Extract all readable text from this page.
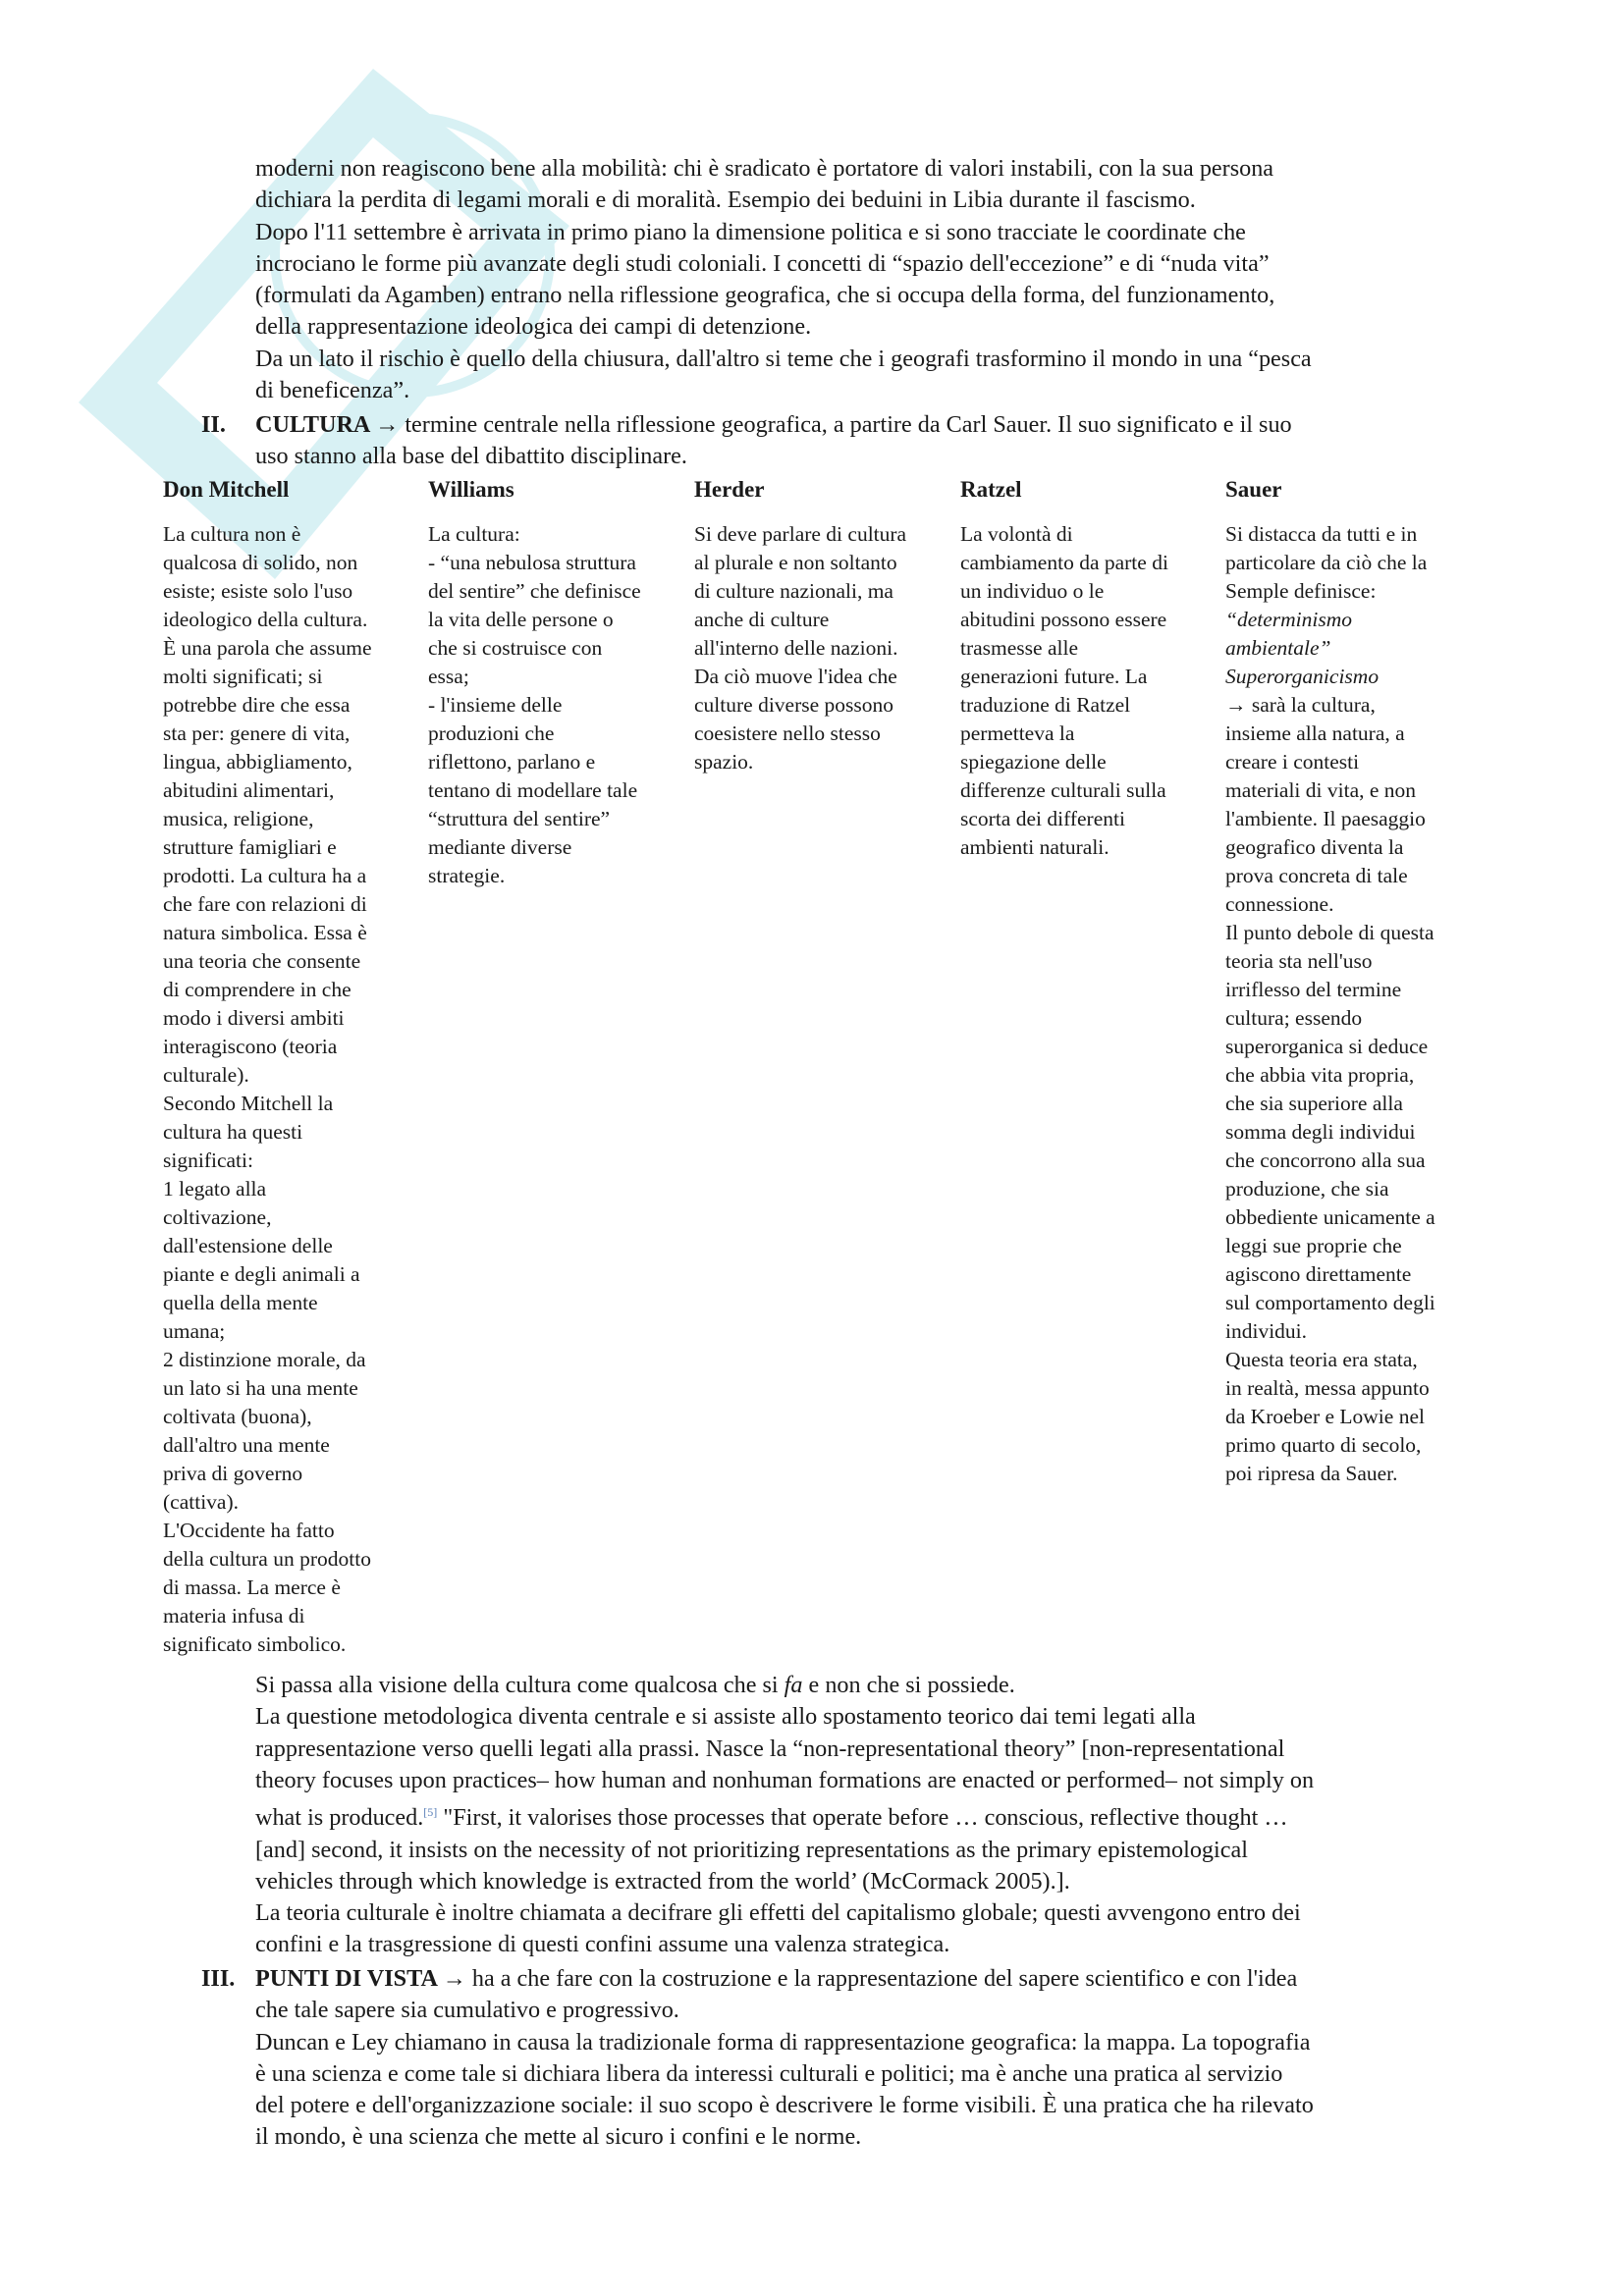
moderni non reagiscono bene alla mobilità: chi è sradicato è portatore di valori instabili, con la sua persona

dichiara la perdita di legami morali e di moralità. Esempio dei beduini in Libia durante il fascismo.

Dopo l'11 settembre è arrivata in primo piano la dimensione politica e si sono tracciate le coordinate che

incrociano le forme più avanzate degli studi coloniali. I concetti di “spazio dell'eccezione” e di “nuda vita”

(formulati da Agamben) entrano nella riflessione geografica, che si occupa della forma, del funzionamento,

della rappresentazione ideologica dei campi di detenzione.

Da un lato il rischio è quello della chiusura, dall'altro si teme che i geografi trasformino il mondo in una “pesca

di beneficenza”.

II. CULTURA → termine centrale nella riflessione geografica, a partire da Carl Sauer. Il suo significato e il suo
uso stanno alla base del dibattito disciplinare.
Don Mitchell

La cultura non è

qualcosa di solido, non

esiste; esiste solo l'uso

ideologico della cultura.

È una parola che assume

molti significati; si

potrebbe dire che essa

sta per: genere di vita,

lingua, abbigliamento,

abitudini alimentari,

musica, religione,

strutture famigliari e

prodotti. La cultura ha a

che fare con relazioni di

natura simbolica. Essa è

una teoria che consente

di comprendere in che

modo i diversi ambiti

interagiscono (teoria

culturale).

Secondo Mitchell la

cultura ha questi

significati:

1 legato alla

coltivazione,

dall'estensione delle

piante e degli animali a

quella della mente

umana;

2 distinzione morale, da

un lato si ha una mente

coltivata (buona),

dall'altro una mente

priva di governo

(cattiva).

L'Occidente ha fatto

della cultura un prodotto

di massa. La merce è

materia infusa di

significato simbolico.

Williams

La cultura:

- “una nebulosa struttura

del sentire” che definisce

la vita delle persone o

che si costruisce con

essa;

- l'insieme delle

produzioni che

riflettono, parlano e

tentano di modellare tale

“struttura del sentire”

mediante diverse

strategie.

Herder

Si deve parlare di cultura

al plurale e non soltanto

di culture nazionali, ma

anche di culture

all'interno delle nazioni.

Da ciò muove l'idea che

culture diverse possono

coesistere nello stesso

spazio.

Ratzel

La volontà di

cambiamento da parte di

un individuo o le

abitudini possono essere

trasmesse alle

generazioni future. La

traduzione di Ratzel

permetteva la

spiegazione delle

differenze culturali sulla

scorta dei differenti

ambienti naturali.

Sauer

Si distacca da tutti e in

particolare da ciò che la

Semple definisce:

“determinismo

ambientale”

Superorganicismo

→ sarà la cultura,

insieme alla natura, a

creare i contesti

materiali di vita, e non

l'ambiente. Il paesaggio

geografico diventa la

prova concreta di tale

connessione.

Il punto debole di questa

teoria sta nell'uso

irriflesso del termine

cultura; essendo

superorganica si deduce

che abbia vita propria,

che sia superiore alla

somma degli individui

che concorrono alla sua

produzione, che sia

obbediente unicamente a

leggi sue proprie che

agiscono direttamente

sul comportamento degli

individui.

Questa teoria era stata,

in realtà, messa appunto

da Kroeber e Lowie nel

primo quarto di secolo,

poi ripresa da Sauer.

Si passa alla visione della cultura come qualcosa che si fa e non che si possiede.

La questione metodologica diventa centrale e si assiste allo spostamento teorico dai temi legati alla

rappresentazione verso quelli legati alla prassi. Nasce la “non-representational theory” [non-representational

theory focuses upon practices– how human and nonhuman formations are enacted or performed– not simply on

what is produced.[5] "First, it valorises those processes that operate before … conscious, reflective thought …

[and] second, it insists on the necessity of not prioritizing representations as the primary epistemological

vehicles through which knowledge is extracted from the world’ (McCormack 2005).].

La teoria culturale è inoltre chiamata a decifrare gli effetti del capitalismo globale; questi avvengono entro dei

confini e la trasgressione di questi confini assume una valenza strategica.

III. PUNTI DI VISTA → ha a che fare con la costruzione e la rappresentazione del sapere scientifico e con l'idea
che tale sapere sia cumulativo e progressivo.
Duncan e Ley chiamano in causa la tradizionale forma di rappresentazione geografica: la mappa. La topografia
è una scienza e come tale si dichiara libera da interessi culturali e politici; ma è anche una pratica al servizio
del potere e dell'organizzazione sociale: il suo scopo è descrivere le forme visibili. È una pratica che ha rilevato
il mondo, è una scienza che mette al sicuro i confini e le norme.
